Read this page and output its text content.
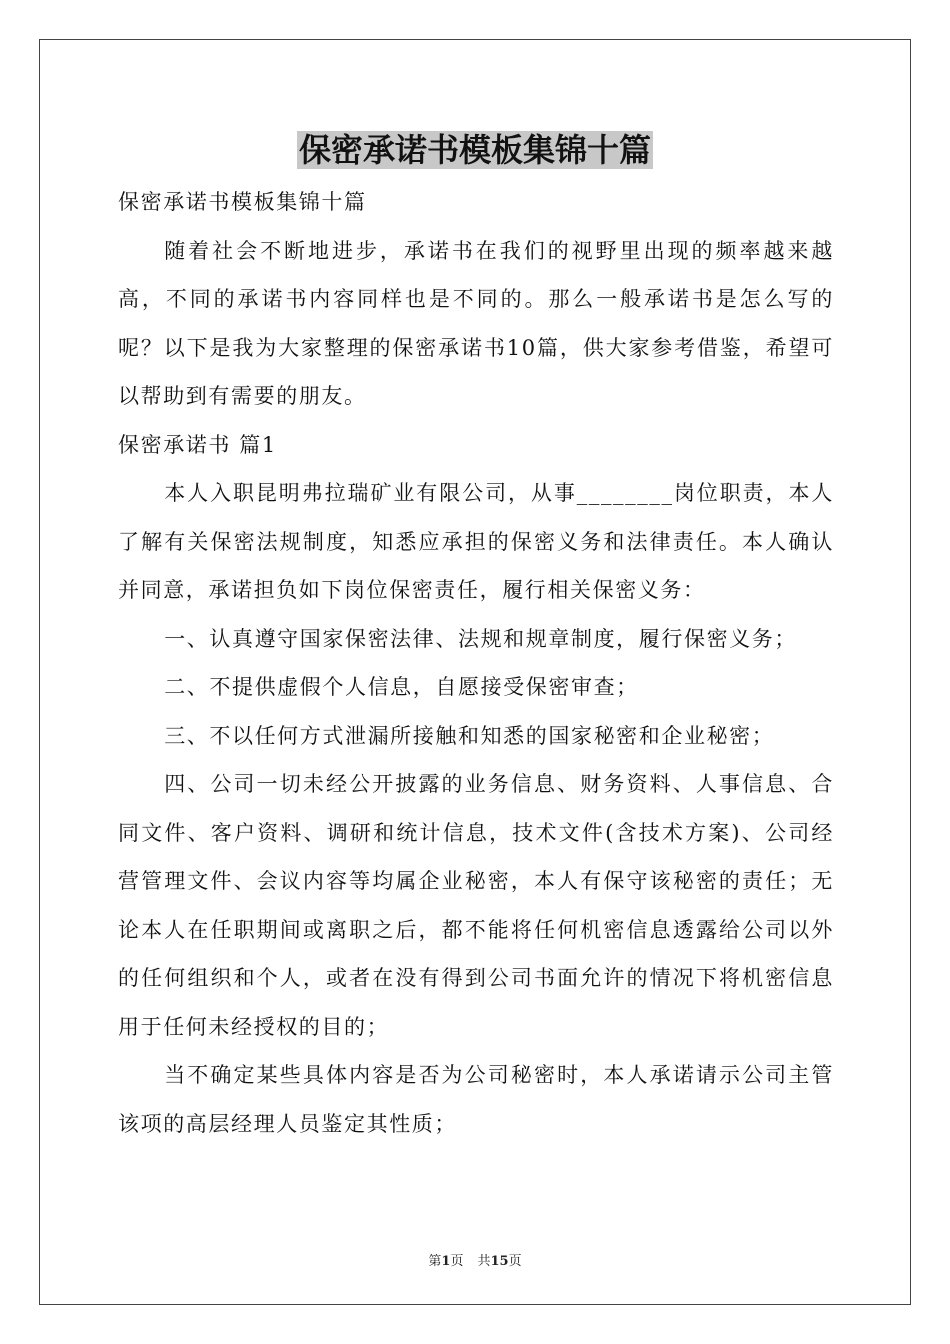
保密承诺书模板集锦十篇

保密承诺书模板集锦十篇

随着社会不断地进步，承诺书在我们的视野里出现的频率越来越高，不同的承诺书内容同样也是不同的。那么一般承诺书是怎么写的呢？以下是我为大家整理的保密承诺书10篇，供大家参考借鉴，希望可以帮助到有需要的朋友。

保密承诺书 篇1

本人入职昆明弗拉瑞矿业有限公司，从事________岗位职责，本人了解有关保密法规制度，知悉应承担的保密义务和法律责任。本人确认并同意，承诺担负如下岗位保密责任，履行相关保密义务：

一、认真遵守国家保密法律、法规和规章制度，履行保密义务；

二、不提供虚假个人信息，自愿接受保密审查；

三、不以任何方式泄漏所接触和知悉的国家秘密和企业秘密；

四、公司一切未经公开披露的业务信息、财务资料、人事信息、合同文件、客户资料、调研和统计信息，技术文件(含技术方案)、公司经营管理文件、会议内容等均属企业秘密，本人有保守该秘密的责任；无论本人在任职期间或离职之后，都不能将任何机密信息透露给公司以外的任何组织和个人，或者在没有得到公司书面允许的情况下将机密信息用于任何未经授权的目的；

当不确定某些具体内容是否为公司秘密时，本人承诺请示公司主管该项的高层经理人员鉴定其性质；

第1页 共15页
